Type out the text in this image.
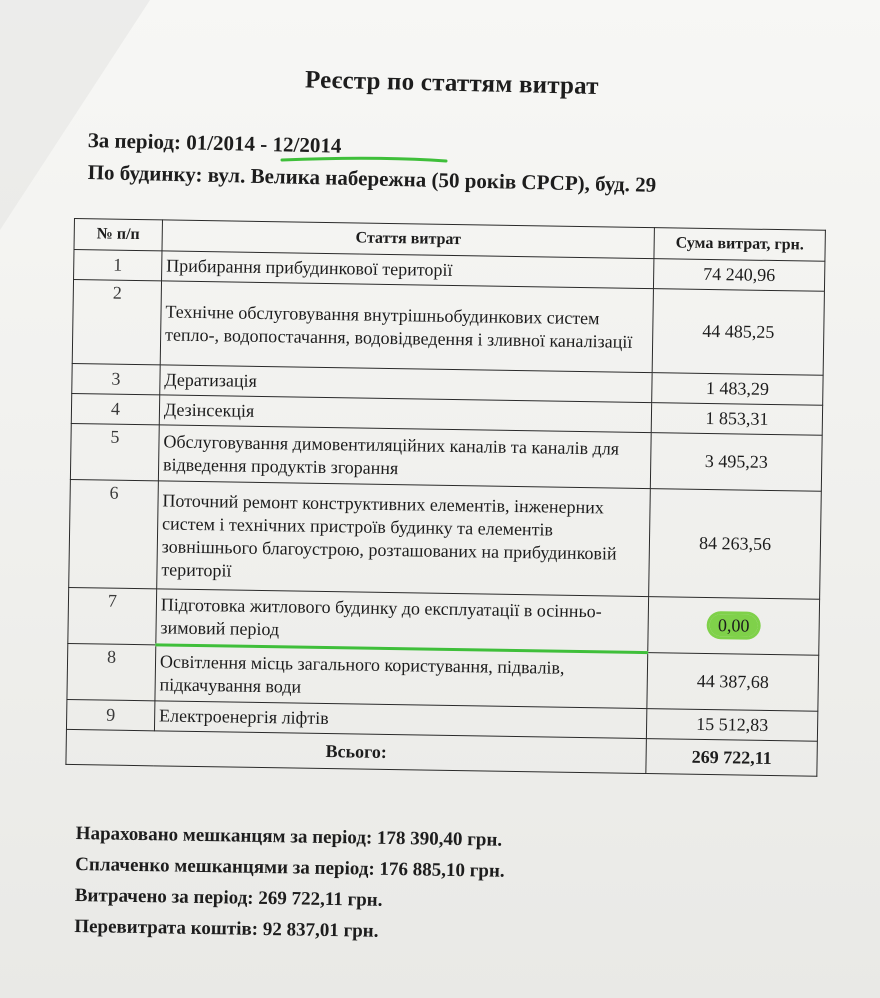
Реєстр по статтям витрат
За період: 01/2014 - 12/2014
По будинку: вул. Велика набережна (50 років СРСР), буд. 29
№ п/п	Стаття витрат	Сума витрат, грн.
1	Прибирання прибудинкової території	74 240,96
2	Технічне обслуговування внутрішньобудинкових систем тепло-, водопостачання, водовідведення і зливної каналізації	44 485,25
3	Дератизація	1 483,29
4	Дезінсекція	1 853,31
5	Обслуговування димовентиляційних каналів та каналів для відведення продуктів згорання	3 495,23
6	Поточний ремонт конструктивних елементів, інженерних систем і технічних пристроїв будинку та елементів зовнішнього благоустрою, розташованих на прибудинковій території	84 263,56
7	Підготовка житлового будинку до експлуатації в осінньо-зимовий період	0,00
8	Освітлення місць загального користування, підвалів, підкачування води	44 387,68
9	Електроенергія ліфтів	15 512,83
Всього:		269 722,11
Нараховано мешканцям за період: 178 390,40 грн.
Сплаченко мешканцями за період: 176 885,10 грн.
Витрачено за період: 269 722,11 грн.
Перевитрата коштів: 92 837,01 грн.
